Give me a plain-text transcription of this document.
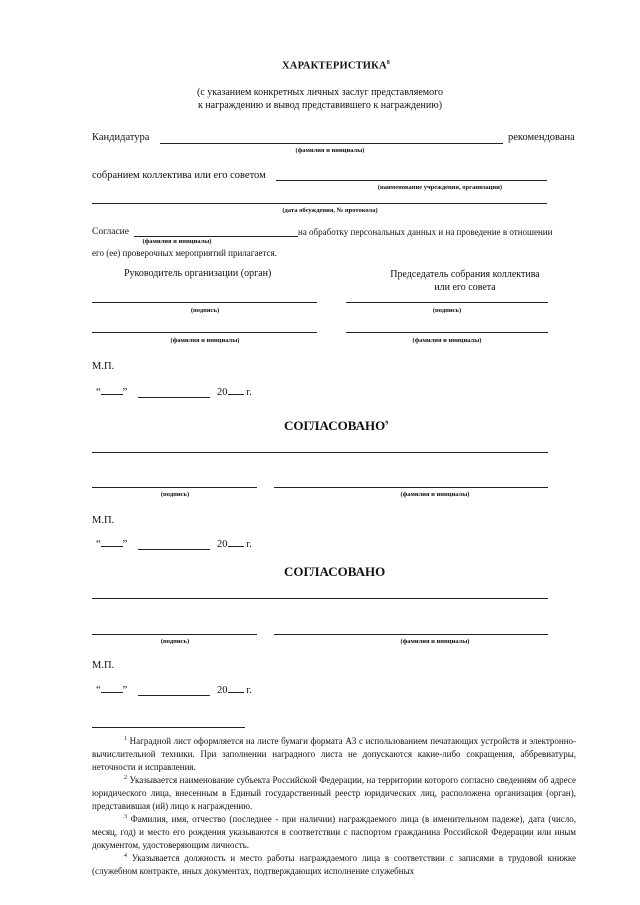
ХАРАКТЕРИСТИКА$^8$
(с указанием конкретных личных заслуг представляемого
к награждению и вывод представившего к награждению)
Кандидатура	рекомендована
(фамилия и инициалы)
собранием коллектива или его советом
(наименование учреждения, организации)
(дата обсуждения, № протокола)
Согласие	на обработку персональных данных и на проведение в отношении
(фамилия и инициалы)
его (ее) проверочных мероприятий прилагается.
Руководитель организации (орган)	Председатель собрания коллектива
или его совета
(подпись)	(подпись)
(фамилия и инициалы)	(фамилия и инициалы)
М.П.
“ ”	20 г.
СОГЛАСОВАНО$^9$
(подпись)	(фамилия и инициалы)
М.П.
“ ”	20 г.
СОГЛАСОВАНО
(подпись)	(фамилия и инициалы)
М.П.
“ ”	20 г.
$^1$ Наградной лист оформляется на листе бумаги формата А3 с использованием печатающих устройств и электронно-вычислительной техники. При заполнении наградного листа не допускаются какие-либо сокращения, аббревиатуры, неточности и исправления.
$^2$ Указывается наименование субъекта Российской Федерации, на территории которого согласно сведениям об адресе юридического лица, внесенным в Единый государственный реестр юридических лиц, расположена организация (орган), представившая (ий) лицо к награждению.
$^3$ Фамилия, имя, отчество (последнее - при наличии) награждаемого лица (в именительном падеже), дата (число, месяц, год) и место его рождения указываются в соответствии с паспортом гражданина Российской Федерации или иным документом, удостоверяющим личность.
$^4$ Указывается должность и место работы награждаемого лица в соответствии с записями в трудовой книжке (служебном контракте, иных документах, подтверждающих исполнение служебных
